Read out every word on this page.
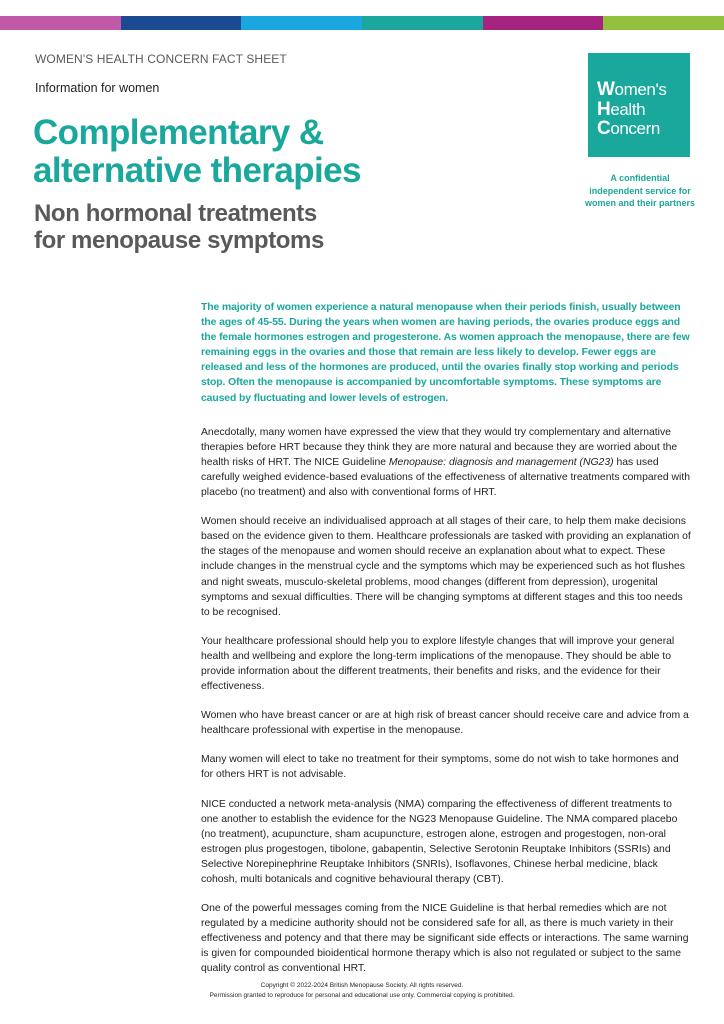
WOMEN'S HEALTH CONCERN FACT SHEET
Information for women
Complementary &
alternative therapies
Non hormonal treatments
for menopause symptoms
Women's
Health
Concern
A confidential
independent service for
women and their partners

The majority of women experience a natural menopause when their periods finish, usually between the ages of 45-55. During the years when women are having periods, the ovaries produce eggs and the female hormones estrogen and progesterone. As women approach the menopause, there are few remaining eggs in the ovaries and those that remain are less likely to develop. Fewer eggs are released and less of the hormones are produced, until the ovaries finally stop working and periods stop. Often the menopause is accompanied by uncomfortable symptoms. These symptoms are caused by fluctuating and lower levels of estrogen.

Anecdotally, many women have expressed the view that they would try complementary and alternative therapies before HRT because they think they are more natural and because they are worried about the health risks of HRT. The NICE Guideline Menopause: diagnosis and management (NG23) has used carefully weighed evidence-based evaluations of the effectiveness of alternative treatments compared with placebo (no treatment) and also with conventional forms of HRT.

Women should receive an individualised approach at all stages of their care, to help them make decisions based on the evidence given to them. Healthcare professionals are tasked with providing an explanation of the stages of the menopause and women should receive an explanation about what to expect. These include changes in the menstrual cycle and the symptoms which may be experienced such as hot flushes and night sweats, musculo-skeletal problems, mood changes (different from depression), urogenital symptoms and sexual difficulties. There will be changing symptoms at different stages and this too needs to be recognised.

Your healthcare professional should help you to explore lifestyle changes that will improve your general health and wellbeing and explore the long-term implications of the menopause. They should be able to provide information about the different treatments, their benefits and risks, and the evidence for their effectiveness.

Women who have breast cancer or are at high risk of breast cancer should receive care and advice from a healthcare professional with expertise in the menopause.

Many women will elect to take no treatment for their symptoms, some do not wish to take hormones and for others HRT is not advisable.

NICE conducted a network meta-analysis (NMA) comparing the effectiveness of different treatments to one another to establish the evidence for the NG23 Menopause Guideline. The NMA compared placebo (no treatment), acupuncture, sham acupuncture, estrogen alone, estrogen and progestogen, non-oral estrogen plus progestogen, tibolone, gabapentin, Selective Serotonin Reuptake Inhibitors (SSRIs) and Selective Norepinephrine Reuptake Inhibitors (SNRIs), Isoflavones, Chinese herbal medicine, black cohosh, multi botanicals and cognitive behavioural therapy (CBT).

One of the powerful messages coming from the NICE Guideline is that herbal remedies which are not regulated by a medicine authority should not be considered safe for all, as there is much variety in their effectiveness and potency and that there may be significant side effects or interactions. The same warning is given for compounded bioidentical hormone therapy which is also not regulated or subject to the same quality control as conventional HRT.

Copyright © 2022-2024 British Menopause Society. All rights reserved.
Permission granted to reproduce for personal and educational use only. Commercial copying is prohibited.
